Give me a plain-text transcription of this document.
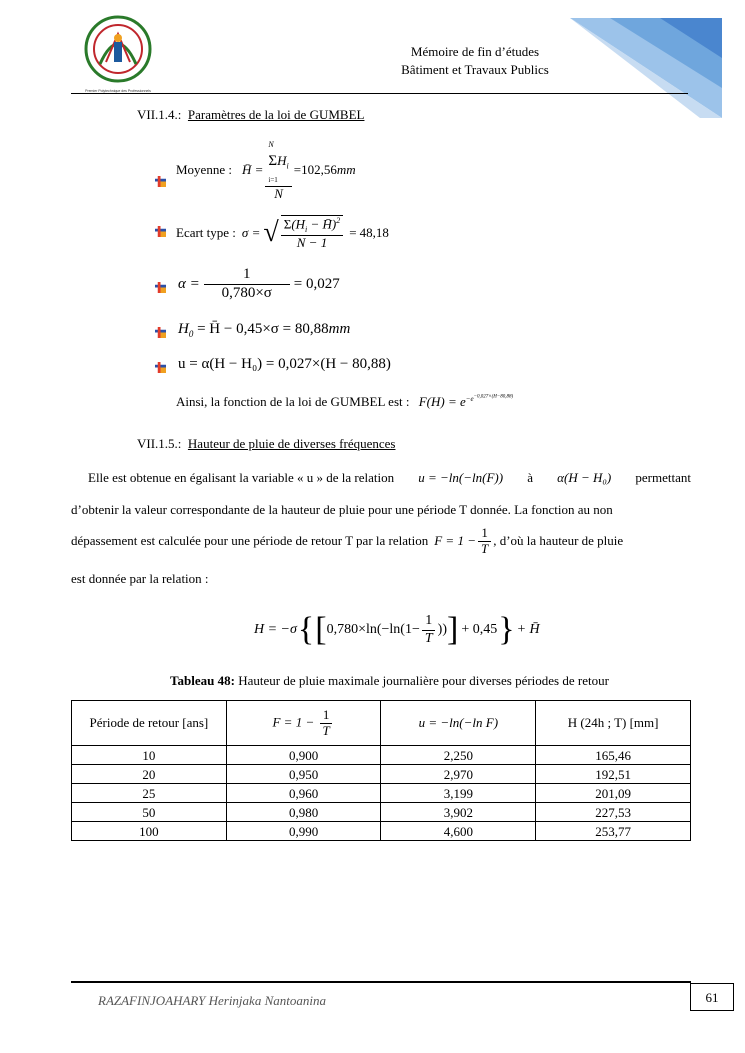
Premier Polytechnique des Professionnels
Mémoire de fin d’études
Bâtiment et Travaux Publics
VII.1.4.: Paramètres de la loi de GUMBEL
Moyenne : H̄ =
N
$\Sigma H_i$
i=1
N
= 102,56 mm
Ecart type : σ = √ $\frac{\Sigma(H_i - H̄)^2}{N - 1} = 48,18$
$\alpha = \frac{1}{0,780\times\sigma} = 0,027$
$H_0$ = H̄ − 0,45×σ = 80,88mm
u = α(H − H₀) = 0,027×(H − 80,88)
Ainsi, la fonction de la loi de GUMBEL est : $F(H) = e^{-e^{-0,027\times(H-80,88)}}$
VII.1.5.: Hauteur de pluie de diverses fréquences
Elle est obtenue en égalisant la variable « u » de la relation u = −ln(−ln(F)) à α(H − H₀) permettant
d’obtenir la valeur correspondante de la hauteur de pluie pour une période T donnée. La fonction au non
dépassement est calculée pour une période de retour T par la relation $F = 1 - \frac{1}{T}$ , d’où la hauteur de pluie
est donnée par la relation :
H = −σ { [ $0,780\times\ln(-\ln(1- \frac{1}{T}$ )) ] + 0,45 } + H̄
Tableau 48: Hauteur de pluie maximale journalière pour diverses périodes de retour
Période de retour [ans]	$F = 1 - \frac{1}{T}$	u = −ln(−ln F)	H (24h ; T) [mm]
10	0,900	2,250	165,46
20	0,950	2,970	192,51
25	0,960	3,199	201,09
50	0,980	3,902	227,53
100	0,990	4,600	253,77
RAZAFINJOAHARY Herinjaka Nantoanina	61
